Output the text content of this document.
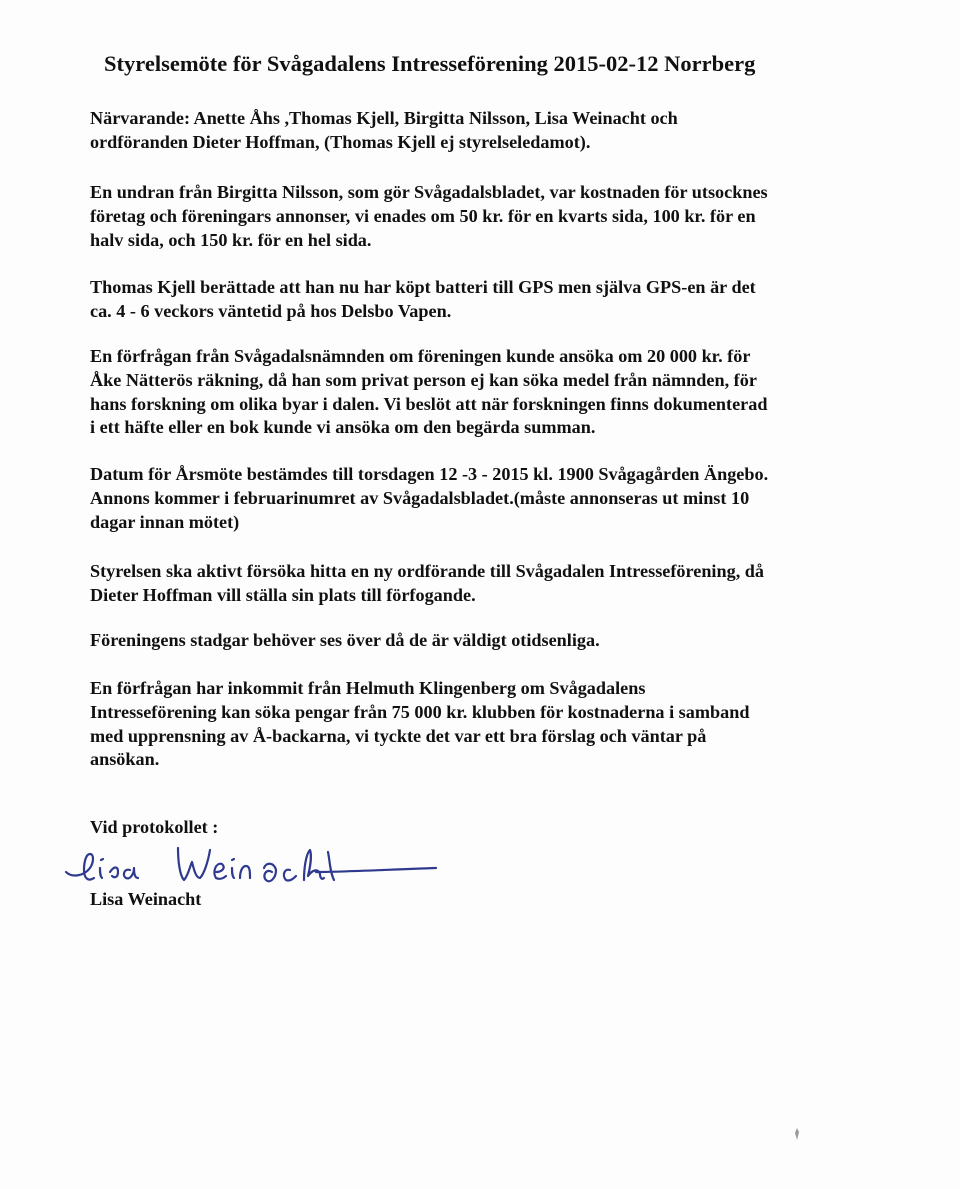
Styrelsemöte för Svågadalens Intresseförening 2015-02-12 Norrberg

Närvarande: Anette Åhs ,Thomas Kjell, Birgitta Nilsson, Lisa Weinacht och
ordföranden Dieter Hoffman, (Thomas Kjell ej styrelseledamot).

En undran från Birgitta Nilsson, som gör Svågadalsbladet, var kostnaden för utsocknes
företag och föreningars annonser, vi enades om 50 kr. för en kvarts sida, 100 kr. för en
halv sida, och 150 kr. för en hel sida.

Thomas Kjell berättade att han nu har köpt batteri till GPS men själva GPS-en är det
ca. 4 - 6 veckors väntetid på hos Delsbo Vapen.

En förfrågan från Svågadalsnämnden om föreningen kunde ansöka om 20 000 kr. för
Åke Nätterös räkning, då han som privat person ej kan söka medel från nämnden, för
hans forskning om olika byar i dalen. Vi beslöt att när forskningen finns dokumenterad
i ett häfte eller en bok kunde vi ansöka om den begärda summan.

Datum för Årsmöte bestämdes till torsdagen 12 -3 - 2015 kl. 1900 Svågagården Ängebo.
Annons kommer i februarinumret av Svågadalsbladet.(måste annonseras ut minst 10
dagar innan mötet)

Styrelsen ska aktivt försöka hitta en ny ordförande till Svågadalen Intresseförening, då
Dieter Hoffman vill ställa sin plats till förfogande.

Föreningens stadgar behöver ses över då de är väldigt otidsenliga.

En förfrågan har inkommit från Helmuth Klingenberg om Svågadalens
Intresseförening kan söka pengar från 75 000 kr. klubben för kostnaderna i samband
med upprensning av Å-backarna, vi tyckte det var ett bra förslag och väntar på
ansökan.

Vid protokollet :

Lisa Weinacht
